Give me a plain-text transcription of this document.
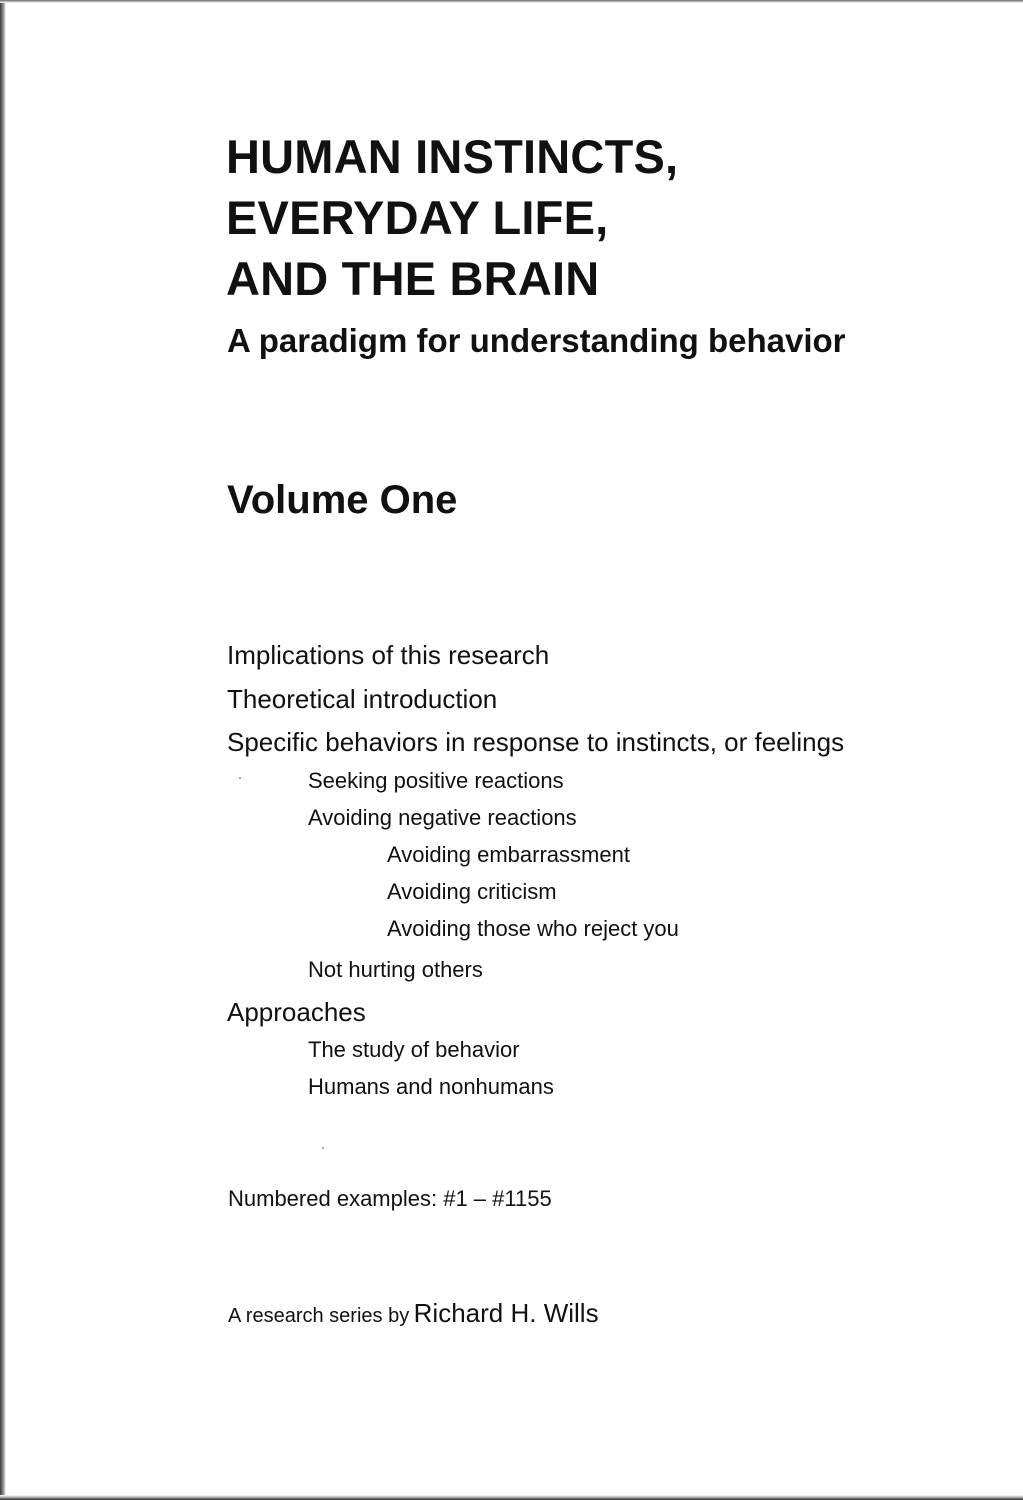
HUMAN INSTINCTS,
EVERYDAY LIFE,
AND THE BRAIN
A paradigm for understanding behavior
Volume One
Implications of this research
Theoretical introduction
Specific behaviors in response to instincts, or feelings
Seeking positive reactions
Avoiding negative reactions
Avoiding embarrassment
Avoiding criticism
Avoiding those who reject you
Not hurting others
Approaches
The study of behavior
Humans and nonhumans
Numbered examples: #1 – #1155
A research series by Richard H. Wills
